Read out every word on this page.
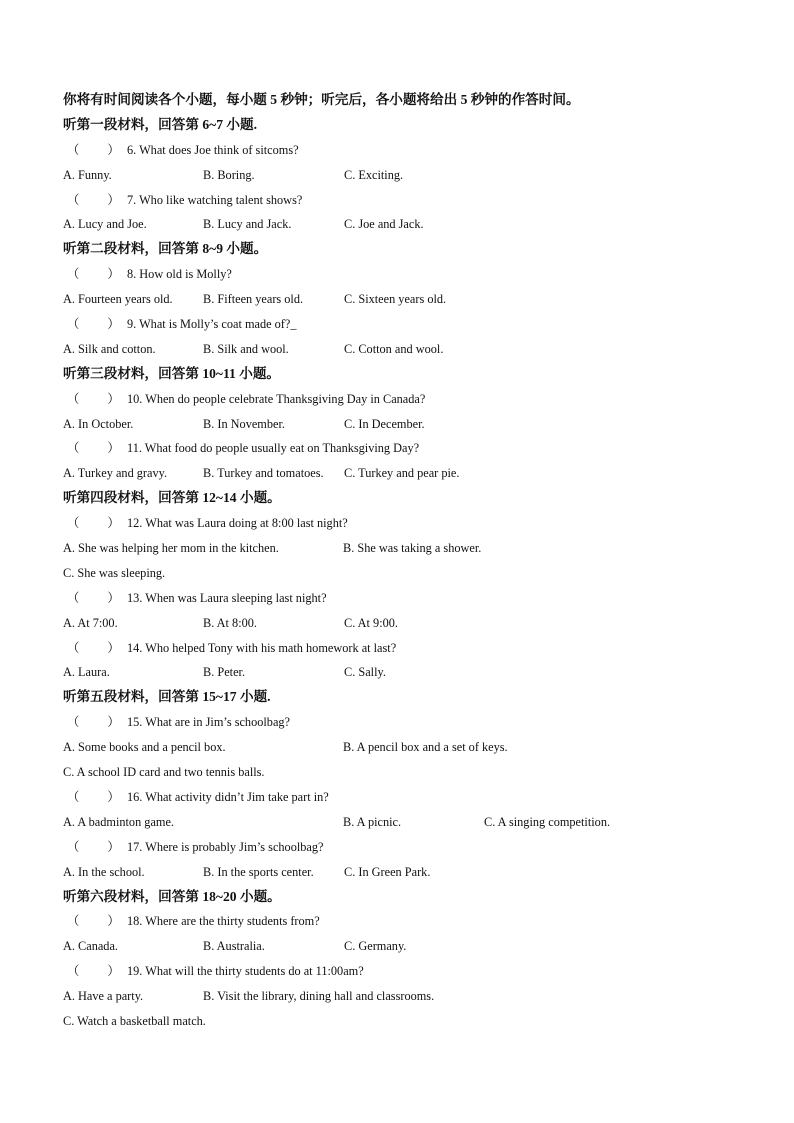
你将有时间阅读各个小题，每小题 5 秒钟；听完后，各小题将给出 5 秒钟的作答时间。
听第一段材料，回答第 6~7 小题.
（ ） 6. What does Joe think of sitcoms?
A. Funny.	B. Boring.	C. Exciting.
（ ） 7. Who like watching talent shows?
A. Lucy and Joe.	B. Lucy and Jack.	C. Joe and Jack.
听第二段材料，回答第 8~9 小题。
（ ） 8. How old is Molly?
A. Fourteen years old. B. Fifteen years old.	C. Sixteen years old.
（ ） 9. What is Molly’s coat made of?_
A. Silk and cotton.	B. Silk and wool.	C. Cotton and wool.
听第三段材料，回答第 10~11 小题。
（ ） 10. When do people celebrate Thanksgiving Day in Canada?
A. In October.	B. In November.	C. In December.
（ ） 11. What food do people usually eat on Thanksgiving Day?
A. Turkey and gravy.	B. Turkey and tomatoes. C. Turkey and pear pie.
听第四段材料，回答第 12~14 小题。
（ ） 12. What was Laura doing at 8:00 last night?
A. She was helping her mom in the kitchen.	B. She was taking a shower.
C. She was sleeping.
（ ） 13. When was Laura sleeping last night?
A. At 7:00.	B. At 8:00.	C. At 9:00.
（ ） 14. Who helped Tony with his math homework at last?
A. Laura.	B. Peter.	C. Sally.
听第五段材料，回答第 15~17 小题.
（ ） 15. What are in Jim’s schoolbag?
A. Some books and a pencil box.	B. A pencil box and a set of keys.
C. A school ID card and two tennis balls.
（ ） 16. What activity didn’t Jim take part in?
A. A badminton game.	B. A picnic.	C. A singing competition.
（ ） 17. Where is probably Jim’s schoolbag?
A. In the school.	B. In the sports center. C. In Green Park.
听第六段材料，回答第 18~20 小题。
（ ） 18. Where are the thirty students from?
A. Canada.	B. Australia.	C. Germany.
（ ） 19. What will the thirty students do at 11:00am?
A. Have a party.	B. Visit the library, dining hall and classrooms.
C. Watch a basketball match.
